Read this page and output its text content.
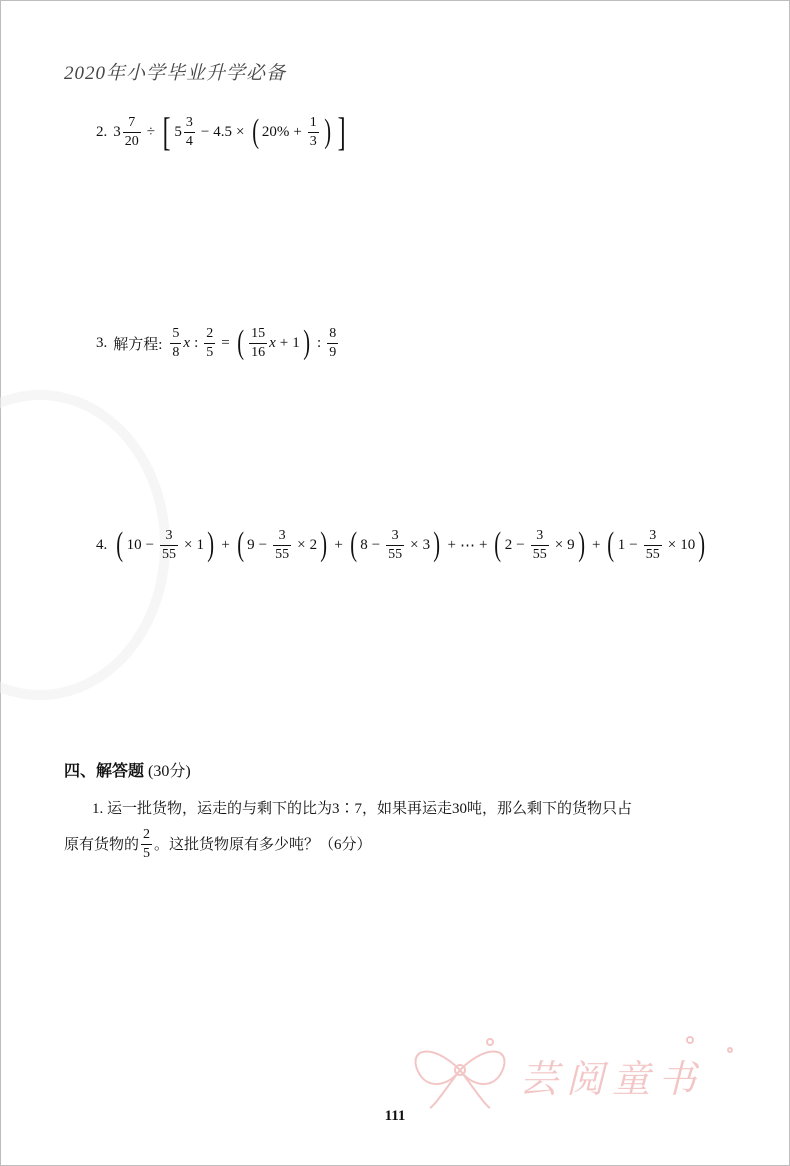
2020年小学毕业升学必备
2. $3 \frac{7}{20}$ ÷ [ $5 \frac{3}{4} - 4.5$ × ( $20\% + \frac{1}{3}$ ) ]
3. 解方程: $\frac{5}{8}$ x : $\frac{2}{5}$ = ( $\frac{15}{16}$ x + 1 ) : $\frac{8}{9}$
4. ( $10 - \frac{3}{55} \times 1$ ) + ( $9 - \frac{3}{55} \times 2$ ) + ( $8 - \frac{3}{55} \times 3$ ) + ⋯ + ( $2 - \frac{3}{55} \times 9$ ) + ( $1 - \frac{3}{55} \times 10$ )
四、解答题 (30分)
1. 运一批货物，运走的与剩下的比为3∶7，如果再运走30吨，那么剩下的货物只占
原有货物的 $\frac{2}{5}$ 。这批货物原有多少吨？（6分）
芸阅童书
111
